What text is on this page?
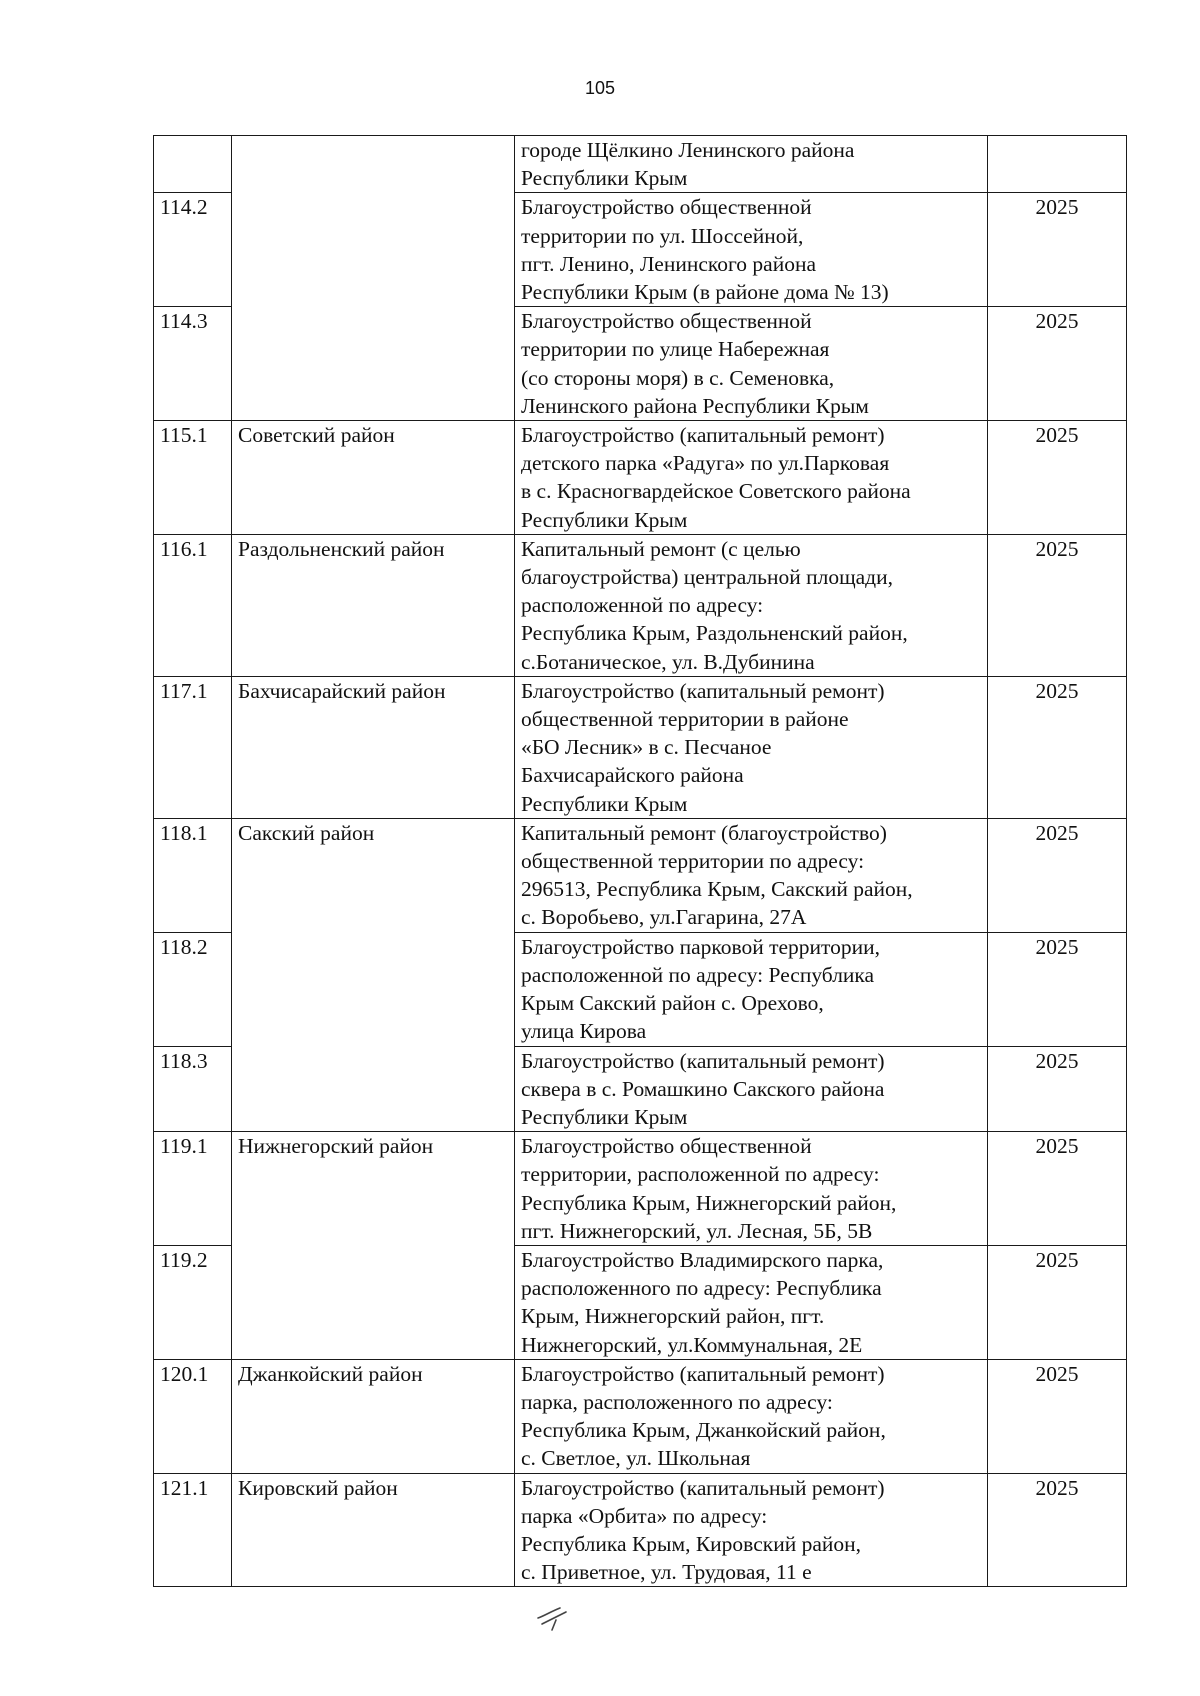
105
		городе Щёлкино Ленинского района
Республики Крым	
114.2		Благоустройство общественной
территории по ул. Шоссейной,
пгт. Ленино, Ленинского района
Республики Крым (в районе дома № 13)	2025
114.3		Благоустройство общественной
территории по улице Набережная
(со стороны моря) в с. Семеновка,
Ленинского района Республики Крым	2025
115.1	Советский район	Благоустройство (капитальный ремонт)
детского парка «Радуга» по ул.Парковая
в с. Красногвардейское Советского района
Республики Крым	2025
116.1	Раздольненский район	Капитальный ремонт (с целью
благоустройства) центральной площади,
расположенной по адресу:
Республика Крым, Раздольненский район,
с.Ботаническое, ул. В.Дубинина	2025
117.1	Бахчисарайский район	Благоустройство (капитальный ремонт)
общественной территории в районе
«БО Лесник» в с. Песчаное
Бахчисарайского района
Республики Крым	2025
118.1	Сакский район	Капитальный ремонт (благоустройство)
общественной территории по адресу:
296513, Республика Крым, Сакский район,
с. Воробьево, ул.Гагарина, 27А	2025
118.2		Благоустройство парковой территории,
расположенной по адресу: Республика
Крым Сакский район с. Орехово,
улица Кирова	2025
118.3		Благоустройство (капитальный ремонт)
сквера в с. Ромашкино Сакского района
Республики Крым	2025
119.1	Нижнегорский район	Благоустройство общественной
территории, расположенной по адресу:
Республика Крым, Нижнегорский район,
пгт. Нижнегорский, ул. Лесная, 5Б, 5В	2025
119.2		Благоустройство Владимирского парка,
расположенного по адресу: Республика
Крым, Нижнегорский район, пгт.
Нижнегорский, ул.Коммунальная, 2Е	2025
120.1	Джанкойский район	Благоустройство (капитальный ремонт)
парка, расположенного по адресу:
Республика Крым, Джанкойский район,
с. Светлое, ул. Школьная	2025
121.1	Кировский район	Благоустройство (капитальный ремонт)
парка «Орбита» по адресу:
Республика Крым, Кировский район,
с. Приветное, ул. Трудовая, 11 е	2025
